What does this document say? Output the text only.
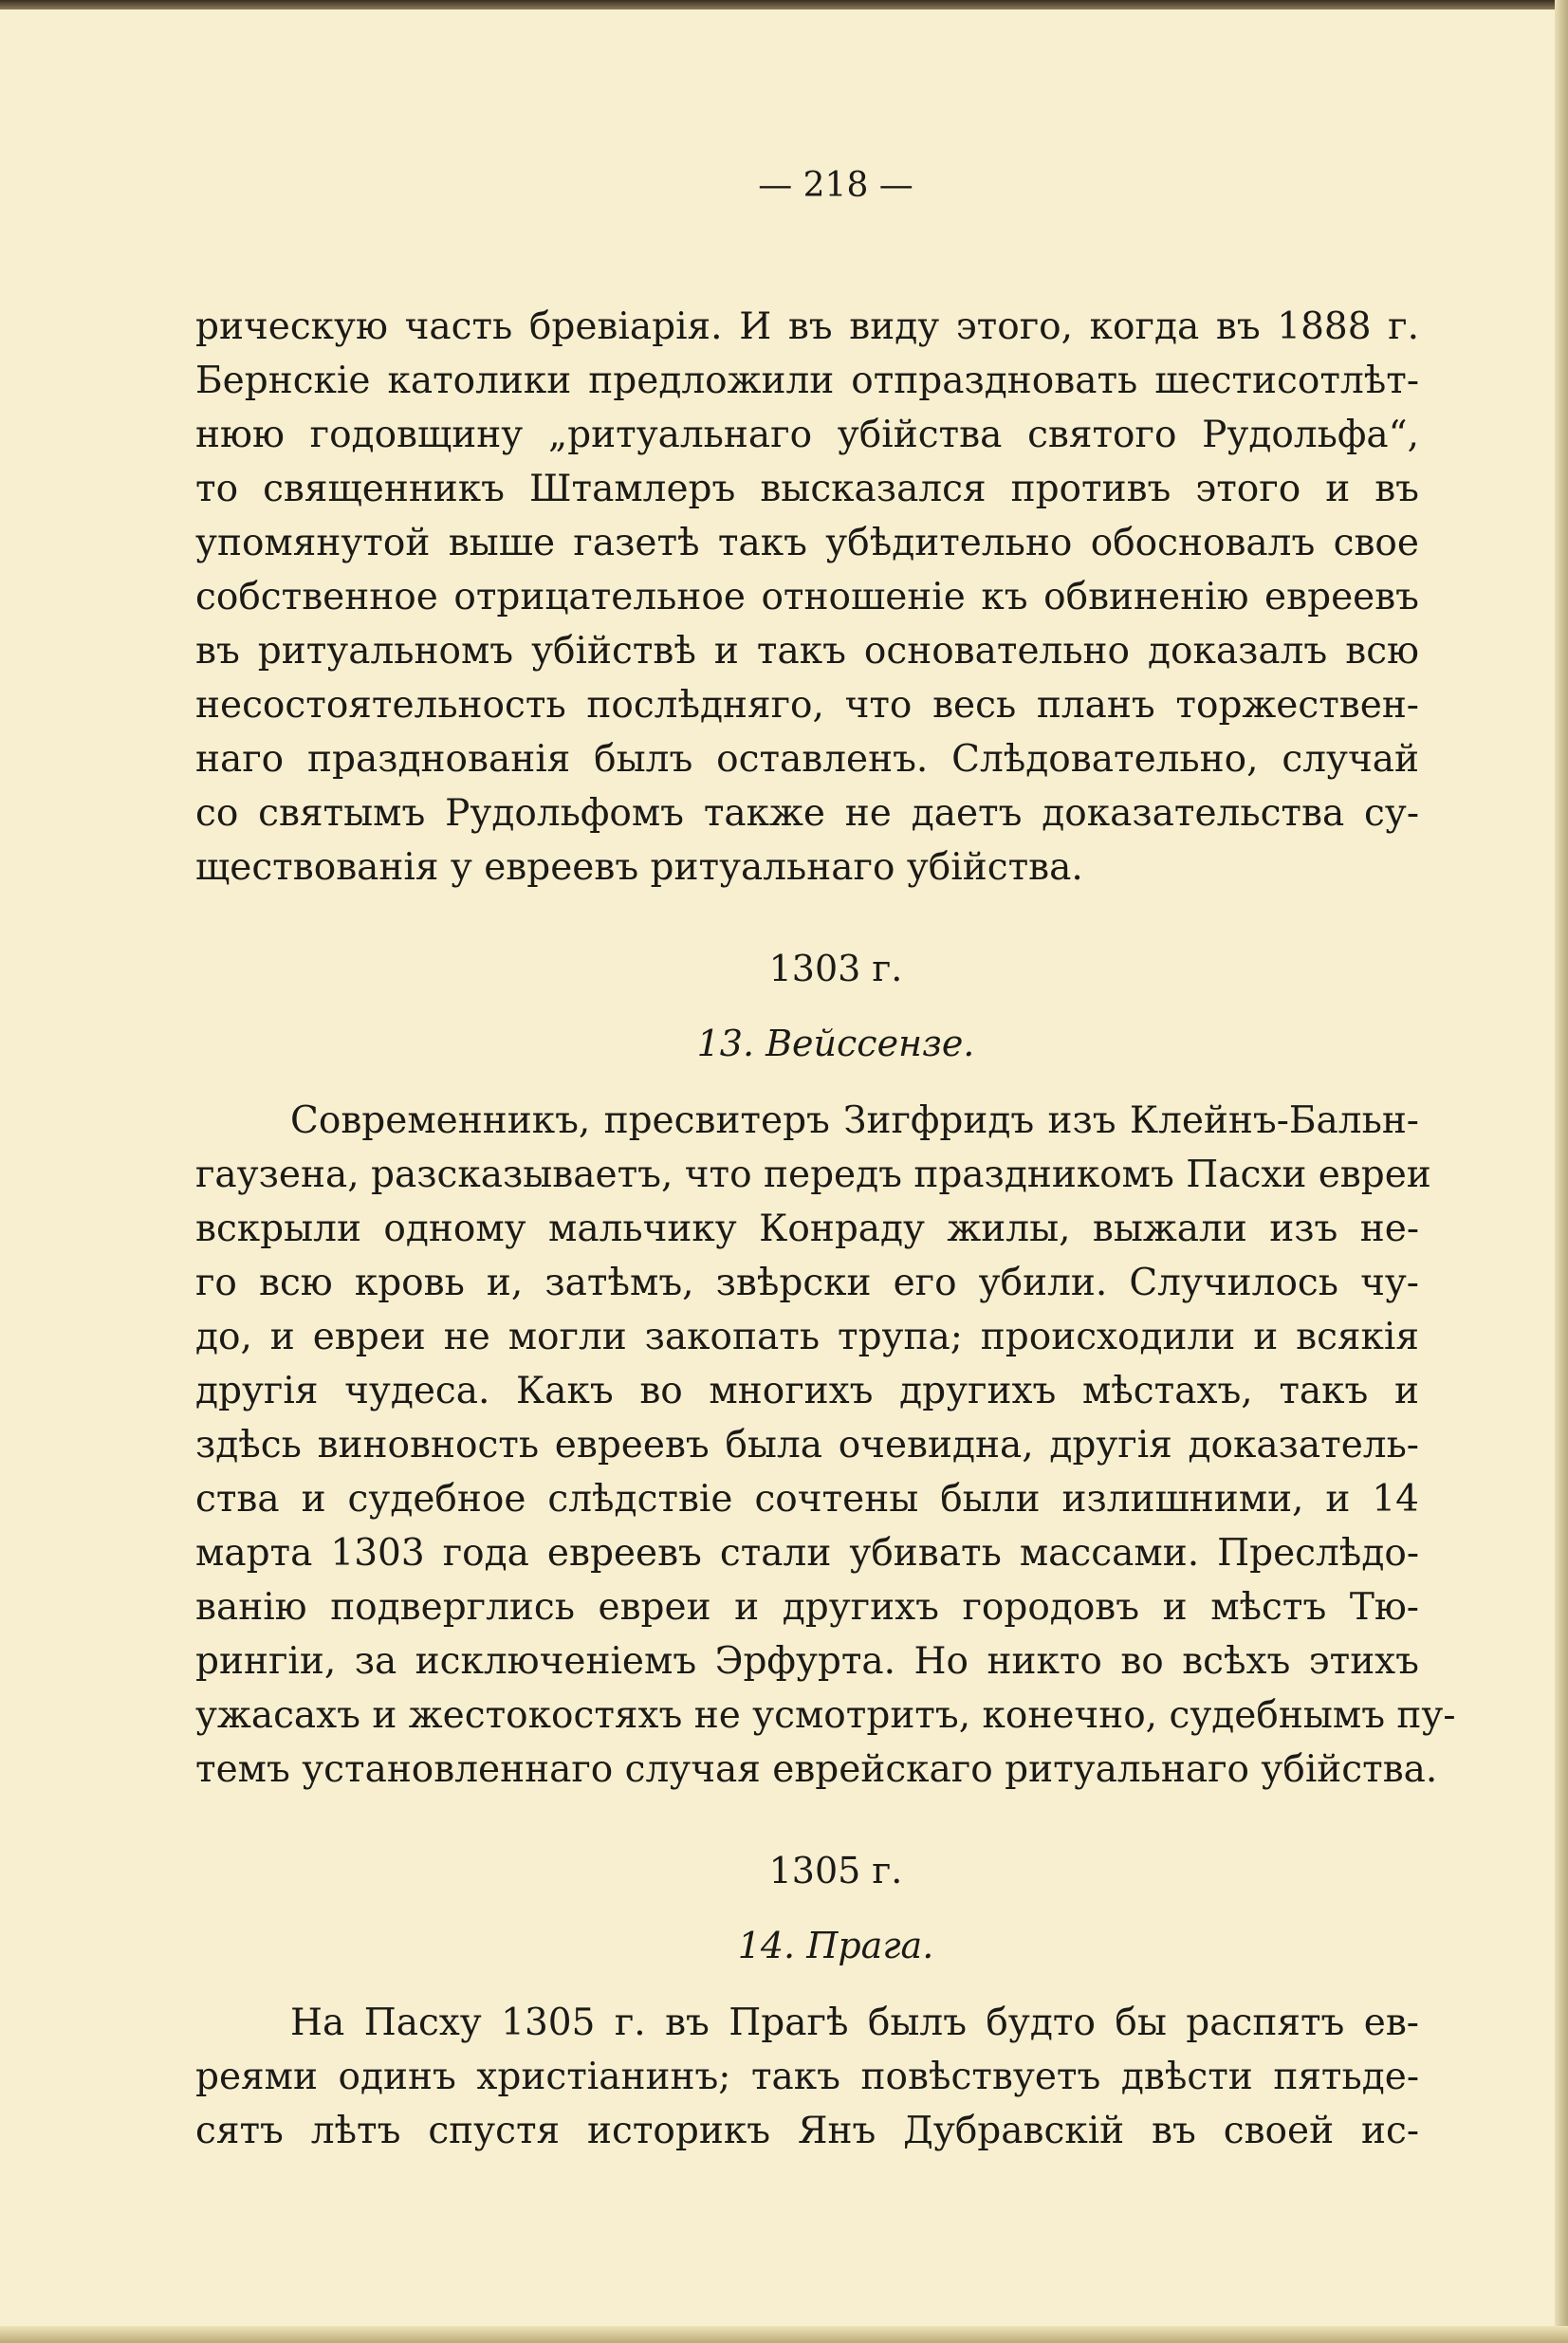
— 218 —

рическую часть бревіарія. И въ виду этого, когда въ 1888 г.
Бернскіе католики предложили отпраздновать шестисотлѣт-
нюю годовщину „ритуальнаго убійства святого Рудольфа“,
то священникъ Штамлеръ высказался противъ этого и въ
упомянутой выше газетѣ такъ убѣдительно обосновалъ свое
собственное отрицательное отношеніе къ обвиненію евреевъ
въ ритуальномъ убійствѣ и такъ основательно доказалъ всю
несостоятельность послѣдняго, что весь планъ торжествен-
наго празднованія былъ оставленъ. Слѣдовательно, случай
со святымъ Рудольфомъ также не даетъ доказательства су-
ществованія у евреевъ ритуальнаго убійства.

1303 г.
13. Вейссензе.

Современникъ, пресвитеръ Зигфридъ изъ Клейнъ-Бальн-
гаузена, разсказываетъ, что передъ праздникомъ Пасхи евреи
вскрыли одному мальчику Конраду жилы, выжали изъ не-
го всю кровь и, затѣмъ, звѣрски его убили. Случилось чу-
до, и евреи не могли закопать трупа; происходили и всякія
другія чудеса. Какъ во многихъ другихъ мѣстахъ, такъ и
здѣсь виновность евреевъ была очевидна, другія доказатель-
ства и судебное слѣдствіе сочтены были излишними, и 14
марта 1303 года евреевъ стали убивать массами. Преслѣдо-
ванію подверглись евреи и другихъ городовъ и мѣстъ Тю-
рингіи, за исключеніемъ Эрфурта. Но никто во всѣхъ этихъ
ужасахъ и жестокостяхъ не усмотритъ, конечно, судебнымъ пу-
темъ установленнаго случая еврейскаго ритуальнаго убійства.

1305 г.
14. Прага.

На Пасху 1305 г. въ Прагѣ былъ будто бы распятъ ев-
реями одинъ христіанинъ; такъ повѣствуетъ двѣсти пятьде-
сятъ лѣтъ спустя историкъ Янъ Дубравскій въ своей ис-
